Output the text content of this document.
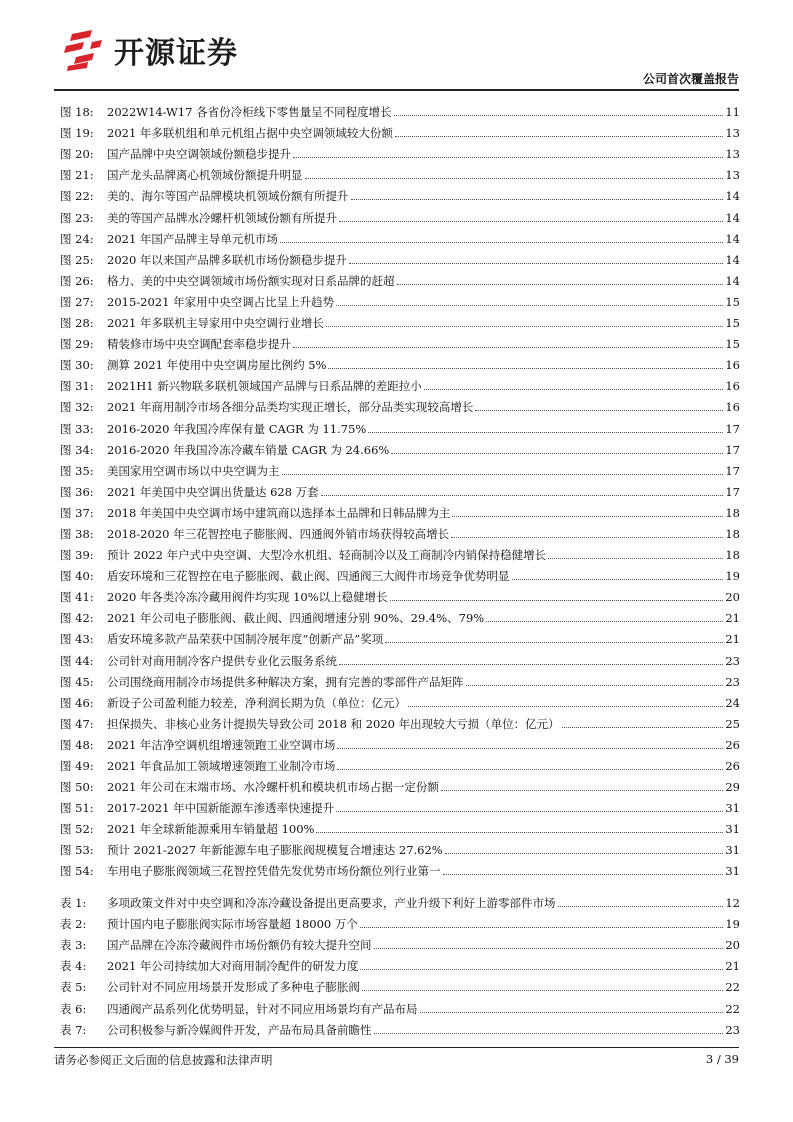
开源证券
公司首次覆盖报告
图 18:	2022W14-W17 各省份冷柜线下零售量呈不同程度增长	11
图 19:	2021 年多联机组和单元机组占据中央空调领域较大份额	13
图 20:	国产品牌中央空调领域份额稳步提升	13
图 21:	国产龙头品牌离心机领域份额提升明显	13
图 22:	美的、海尔等国产品牌模块机领域份额有所提升	14
图 23:	美的等国产品牌水冷螺杆机领域份额有所提升	14
图 24:	2021 年国产品牌主导单元机市场	14
图 25:	2020 年以来国产品牌多联机市场份额稳步提升	14
图 26:	格力、美的中央空调领域市场份额实现对日系品牌的赶超	14
图 27:	2015-2021 年家用中央空调占比呈上升趋势	15
图 28:	2021 年多联机主导家用中央空调行业增长	15
图 29:	精装修市场中央空调配套率稳步提升	15
图 30:	测算 2021 年使用中央空调房屋比例约 5%	16
图 31:	2021H1 新兴物联多联机领域国产品牌与日系品牌的差距拉小	16
图 32:	2021 年商用制冷市场各细分品类均实现正增长，部分品类实现较高增长	16
图 33:	2016-2020 年我国冷库保有量 CAGR 为 11.75%	17
图 34:	2016-2020 年我国冷冻冷藏车销量 CAGR 为 24.66%	17
图 35:	美国家用空调市场以中央空调为主	17
图 36:	2021 年美国中央空调出货量达 628 万套	17
图 37:	2018 年美国中央空调市场中建筑商以选择本土品牌和日韩品牌为主	18
图 38:	2018-2020 年三花智控电子膨胀阀、四通阀外销市场获得较高增长	18
图 39:	预计 2022 年户式中央空调、大型冷水机组、轻商制冷以及工商制冷内销保持稳健增长	18
图 40:	盾安环境和三花智控在电子膨胀阀、截止阀、四通阀三大阀件市场竞争优势明显	19
图 41:	2020 年各类冷冻冷藏用阀件均实现 10%以上稳健增长	20
图 42:	2021 年公司电子膨胀阀、截止阀、四通阀增速分别 90%、29.4%、79%	21
图 43:	盾安环境多款产品荣获中国制冷展年度“创新产品”奖项	21
图 44:	公司针对商用制冷客户提供专业化云服务系统	23
图 45:	公司围绕商用制冷市场提供多种解决方案，拥有完善的零部件产品矩阵	23
图 46:	新设子公司盈利能力较差，净利润长期为负（单位：亿元）	24
图 47:	担保损失、非核心业务计提损失导致公司 2018 和 2020 年出现较大亏损（单位：亿元）	25
图 48:	2021 年洁净空调机组增速领跑工业空调市场	26
图 49:	2021 年食品加工领域增速领跑工业制冷市场	26
图 50:	2021 年公司在末端市场、水冷螺杆机和模块机市场占据一定份额	29
图 51:	2017-2021 年中国新能源车渗透率快速提升	31
图 52:	2021 年全球新能源乘用车销量超 100%	31
图 53:	预计 2021-2027 年新能源车电子膨胀阀规模复合增速达 27.62%	31
图 54:	车用电子膨胀阀领域三花智控凭借先发优势市场份额位列行业第一	31
表 1:	多项政策文件对中央空调和冷冻冷藏设备提出更高要求，产业升级下利好上游零部件市场	12
表 2:	预计国内电子膨胀阀实际市场容量超 18000 万个	19
表 3:	国产品牌在冷冻冷藏阀件市场份额仍有较大提升空间	20
表 4:	2021 年公司持续加大对商用制冷配件的研发力度	21
表 5:	公司针对不同应用场景开发形成了多种电子膨胀阀	22
表 6:	四通阀产品系列化优势明显，针对不同应用场景均有产品布局	22
表 7:	公司积极参与新冷媒阀件开发，产品布局具备前瞻性	23
请务必参阅正文后面的信息披露和法律声明	3 / 39
